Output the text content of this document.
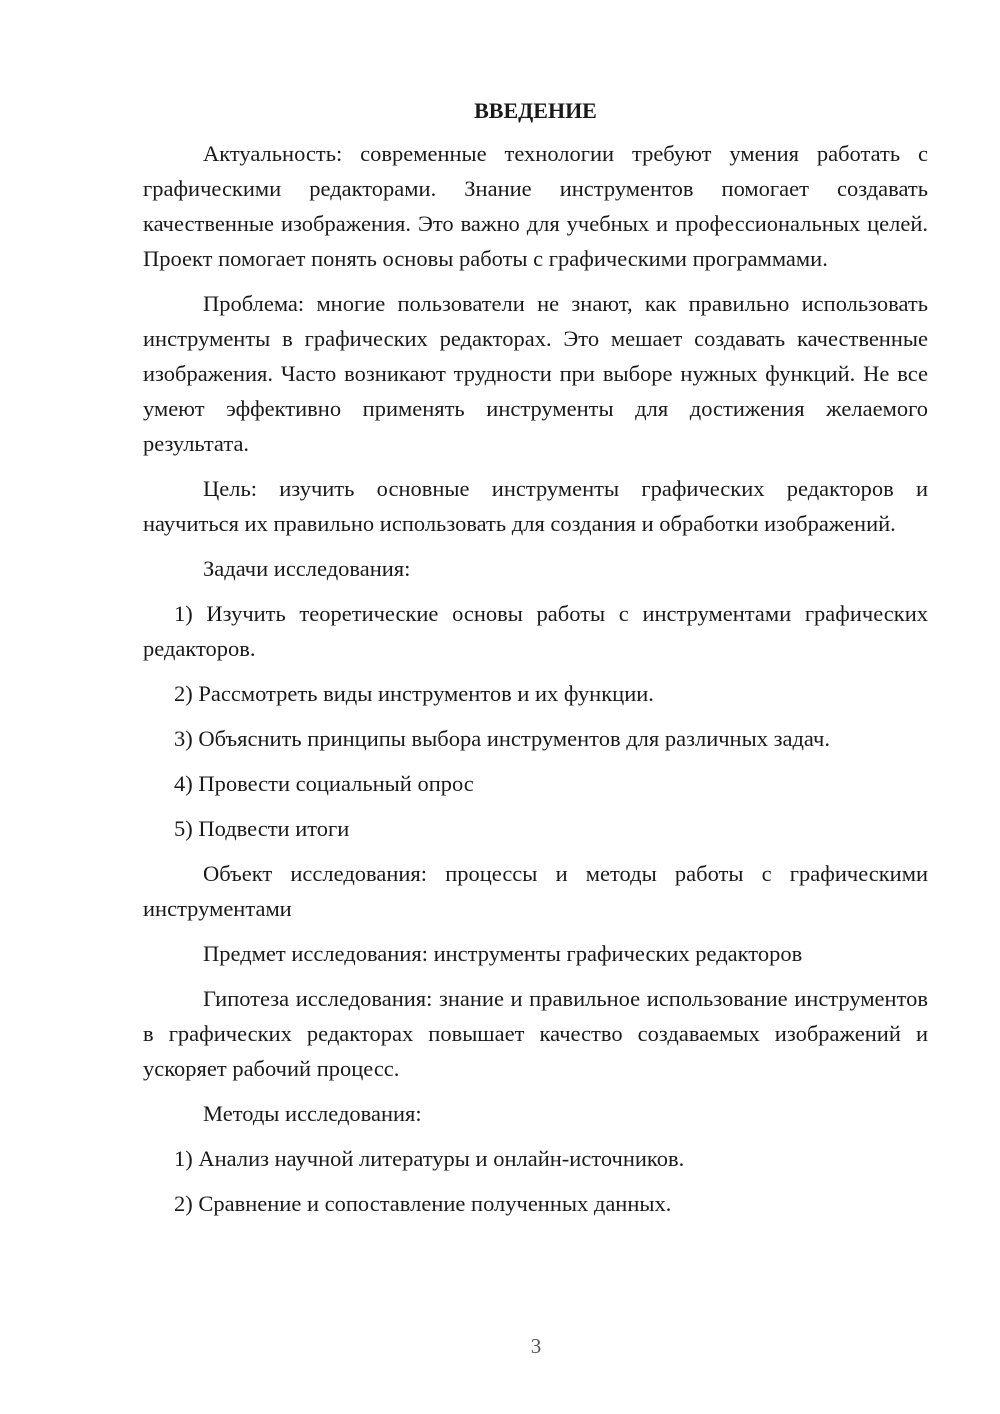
ВВЕДЕНИЕ

Актуальность: современные технологии требуют умения работать с графическими редакторами. Знание инструментов помогает создавать качественные изображения. Это важно для учебных и профессиональных целей. Проект помогает понять основы работы с графическими программами.

Проблема: многие пользователи не знают, как правильно использовать инструменты в графических редакторах. Это мешает создавать качественные изображения. Часто возникают трудности при выборе нужных функций. Не все умеют эффективно применять инструменты для достижения желаемого результата.

Цель: изучить основные инструменты графических редакторов и научиться их правильно использовать для создания и обработки изображений.

Задачи исследования:

1) Изучить теоретические основы работы с инструментами графических редакторов.

2) Рассмотреть виды инструментов и их функции.

3) Объяснить принципы выбора инструментов для различных задач.

4) Провести социальный опрос

5) Подвести итоги

Объект исследования: процессы и методы работы с графическими инструментами

Предмет исследования: инструменты графических редакторов

Гипотеза исследования: знание и правильное использование инструментов в графических редакторах повышает качество создаваемых изображений и ускоряет рабочий процесс.

Методы исследования:

1) Анализ научной литературы и онлайн-источников.

2) Сравнение и сопоставление полученных данных.

3
